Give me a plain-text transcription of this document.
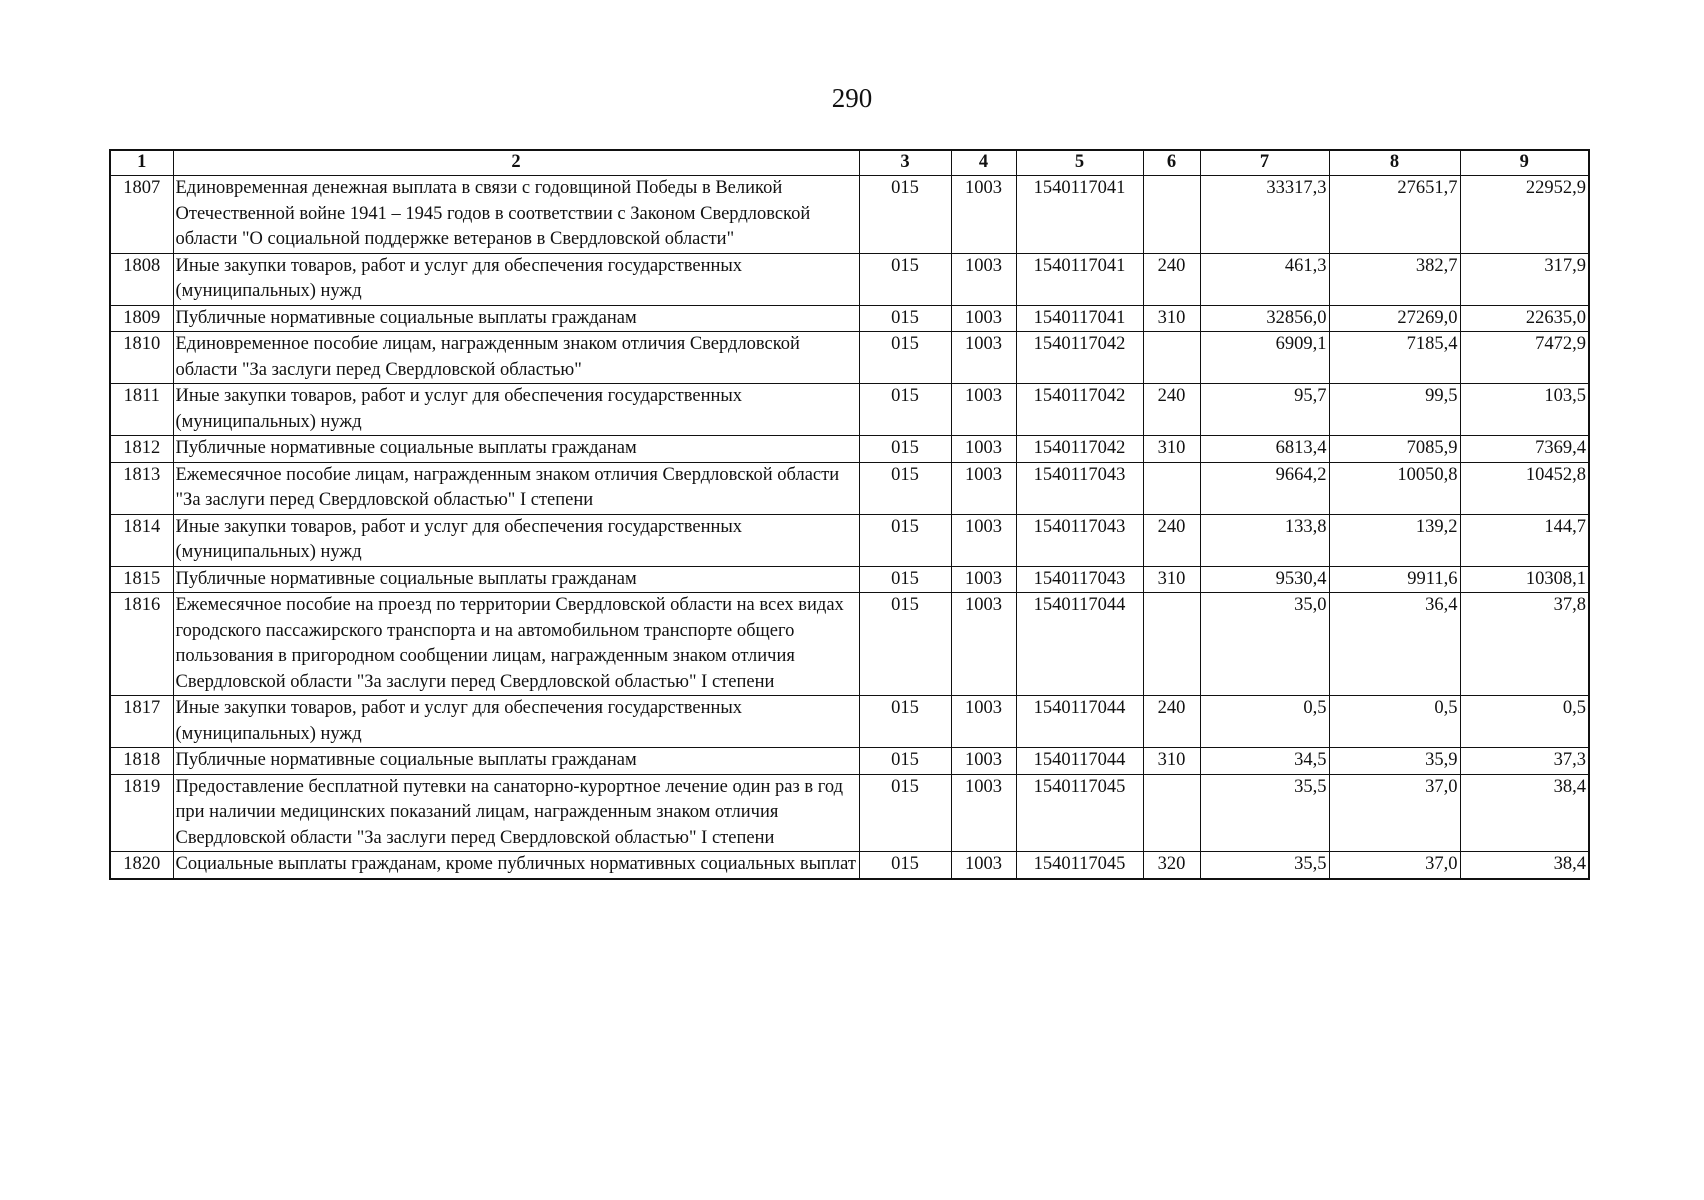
290
1	2	3	4	5	6	7	8	9
1807	Единовременная денежная выплата в связи с годовщиной Победы в Великой Отечественной войне 1941 – 1945 годов в соответствии с Законом Свердловской области "О социальной поддержке ветеранов в Свердловской области"	015	1003	1540117041		33317,3	27651,7	22952,9
1808	Иные закупки товаров, работ и услуг для обеспечения государственных (муниципальных) нужд	015	1003	1540117041	240	461,3	382,7	317,9
1809	Публичные нормативные социальные выплаты гражданам	015	1003	1540117041	310	32856,0	27269,0	22635,0
1810	Единовременное пособие лицам, награжденным знаком отличия Свердловской области "За заслуги перед Свердловской областью"	015	1003	1540117042		6909,1	7185,4	7472,9
1811	Иные закупки товаров, работ и услуг для обеспечения государственных (муниципальных) нужд	015	1003	1540117042	240	95,7	99,5	103,5
1812	Публичные нормативные социальные выплаты гражданам	015	1003	1540117042	310	6813,4	7085,9	7369,4
1813	Ежемесячное пособие лицам, награжденным знаком отличия Свердловской области "За заслуги перед Свердловской областью" I степени	015	1003	1540117043		9664,2	10050,8	10452,8
1814	Иные закупки товаров, работ и услуг для обеспечения государственных (муниципальных) нужд	015	1003	1540117043	240	133,8	139,2	144,7
1815	Публичные нормативные социальные выплаты гражданам	015	1003	1540117043	310	9530,4	9911,6	10308,1
1816	Ежемесячное пособие на проезд по территории Свердловской области на всех видах городского пассажирского транспорта и на автомобильном транспорте общего пользования в пригородном сообщении лицам, награжденным знаком отличия Свердловской области "За заслуги перед Свердловской областью" I степени	015	1003	1540117044		35,0	36,4	37,8
1817	Иные закупки товаров, работ и услуг для обеспечения государственных (муниципальных) нужд	015	1003	1540117044	240	0,5	0,5	0,5
1818	Публичные нормативные социальные выплаты гражданам	015	1003	1540117044	310	34,5	35,9	37,3
1819	Предоставление бесплатной путевки на санаторно-курортное лечение один раз в год при наличии медицинских показаний лицам, награжденным знаком отличия Свердловской области "За заслуги перед Свердловской областью" I степени	015	1003	1540117045		35,5	37,0	38,4
1820	Социальные выплаты гражданам, кроме публичных нормативных социальных выплат	015	1003	1540117045	320	35,5	37,0	38,4
